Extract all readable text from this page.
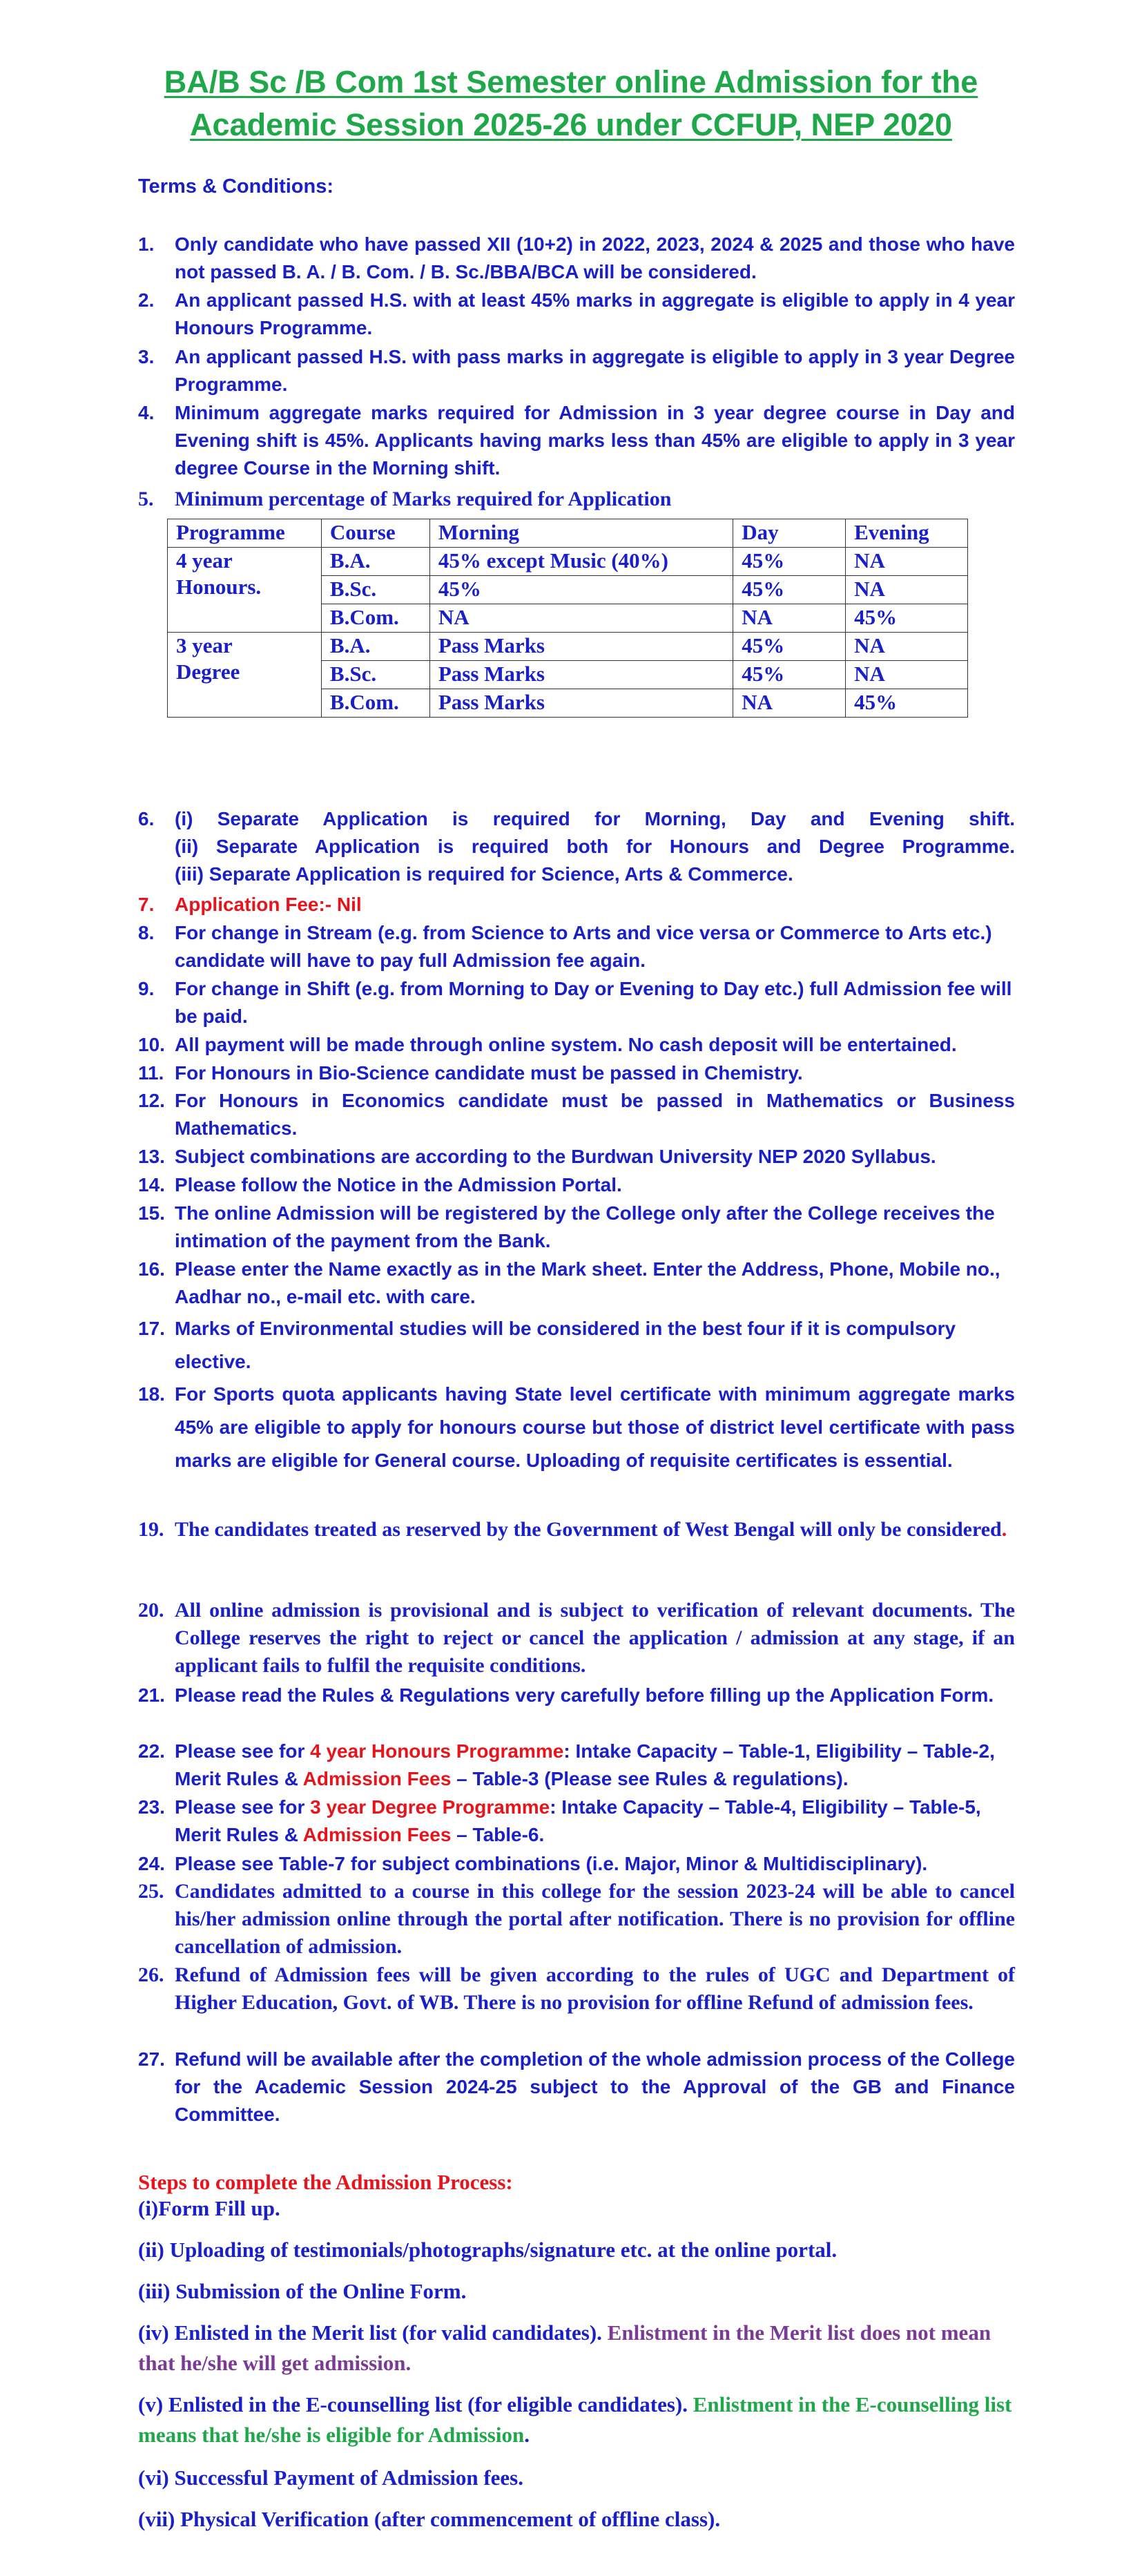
BA/B Sc /B Com 1st Semester online Admission for the
Academic Session 2025-26 under CCFUP, NEP 2020
Terms & Conditions:
1. Only candidate who have passed XII (10+2) in 2022, 2023, 2024 & 2025 and those who have not passed B. A. / B. Com. / B. Sc./BBA/BCA will be considered.
2. An applicant passed H.S. with at least 45% marks in aggregate is eligible to apply in 4 year Honours Programme.
3. An applicant passed H.S. with pass marks in aggregate is eligible to apply in 3 year Degree Programme.
4. Minimum aggregate marks required for Admission in 3 year degree course in Day and Evening shift is 45%. Applicants having marks less than 45% are eligible to apply in 3 year degree Course in the Morning shift.
5. Minimum percentage of Marks required for Application
Programme	Course	Morning	Day	Evening

4 year
Honours.	B.A.	45% except Music (40%)	45%	NA
	B.Sc.	45%	45%	NA
	B.Com.	NA	NA	45%

3 year
Degree	B.A.	Pass Marks	45%	NA
	B.Sc.	Pass Marks	45%	NA
	B.Com.	Pass Marks	NA	45%
6. (i) Separate Application is required for Morning, Day and Evening shift.
(ii) Separate Application is required both for Honours and Degree Programme.
(iii) Separate Application is required for Science, Arts & Commerce.
7. Application Fee:- Nil
8. For change in Stream (e.g. from Science to Arts and vice versa or Commerce to Arts etc.) candidate will have to pay full Admission fee again.
9. For change in Shift (e.g. from Morning to Day or Evening to Day etc.) full Admission fee will be paid.
10. All payment will be made through online system. No cash deposit will be entertained.
11. For Honours in Bio-Science candidate must be passed in Chemistry.
12. For Honours in Economics candidate must be passed in Mathematics or Business Mathematics.
13. Subject combinations are according to the Burdwan University NEP 2020 Syllabus.
14. Please follow the Notice in the Admission Portal.
15. The online Admission will be registered by the College only after the College receives the intimation of the payment from the Bank.
16. Please enter the Name exactly as in the Mark sheet. Enter the Address, Phone, Mobile no., Aadhar no., e-mail etc. with care.
17. Marks of Environmental studies will be considered in the best four if it is compulsory elective.
18. For Sports quota applicants having State level certificate with minimum aggregate marks 45% are eligible to apply for honours course but those of district level certificate with pass marks are eligible for General course. Uploading of requisite certificates is essential.
19. The candidates treated as reserved by the Government of West Bengal will only be considered.
20. All online admission is provisional and is subject to verification of relevant documents. The College reserves the right to reject or cancel the application / admission at any stage, if an applicant fails to fulfil the requisite conditions.
21. Please read the Rules & Regulations very carefully before filling up the Application Form.
22. Please see for 4 year Honours Programme: Intake Capacity – Table-1, Eligibility – Table-2, Merit Rules & Admission Fees – Table-3 (Please see Rules & regulations).
23. Please see for 3 year Degree Programme: Intake Capacity – Table-4, Eligibility – Table-5, Merit Rules & Admission Fees – Table-6.
24. Please see Table-7 for subject combinations (i.e. Major, Minor & Multidisciplinary).
25. Candidates admitted to a course in this college for the session 2023-24 will be able to cancel his/her admission online through the portal after notification. There is no provision for offline cancellation of admission.
26. Refund of Admission fees will be given according to the rules of UGC and Department of Higher Education, Govt. of WB. There is no provision for offline Refund of admission fees.
27. Refund will be available after the completion of the whole admission process of the College for the Academic Session 2024-25 subject to the Approval of the GB and Finance Committee.
Steps to complete the Admission Process:
(i)Form Fill up.
(ii) Uploading of testimonials/photographs/signature etc. at the online portal.
(iii) Submission of the Online Form.
(iv) Enlisted in the Merit list (for valid candidates). Enlistment in the Merit list does not mean that he/she will get admission.
(v) Enlisted in the E-counselling list (for eligible candidates). Enlistment in the E-counselling list means that he/she is eligible for Admission.
(vi) Successful Payment of Admission fees.
(vii) Physical Verification (after commencement of offline class).
